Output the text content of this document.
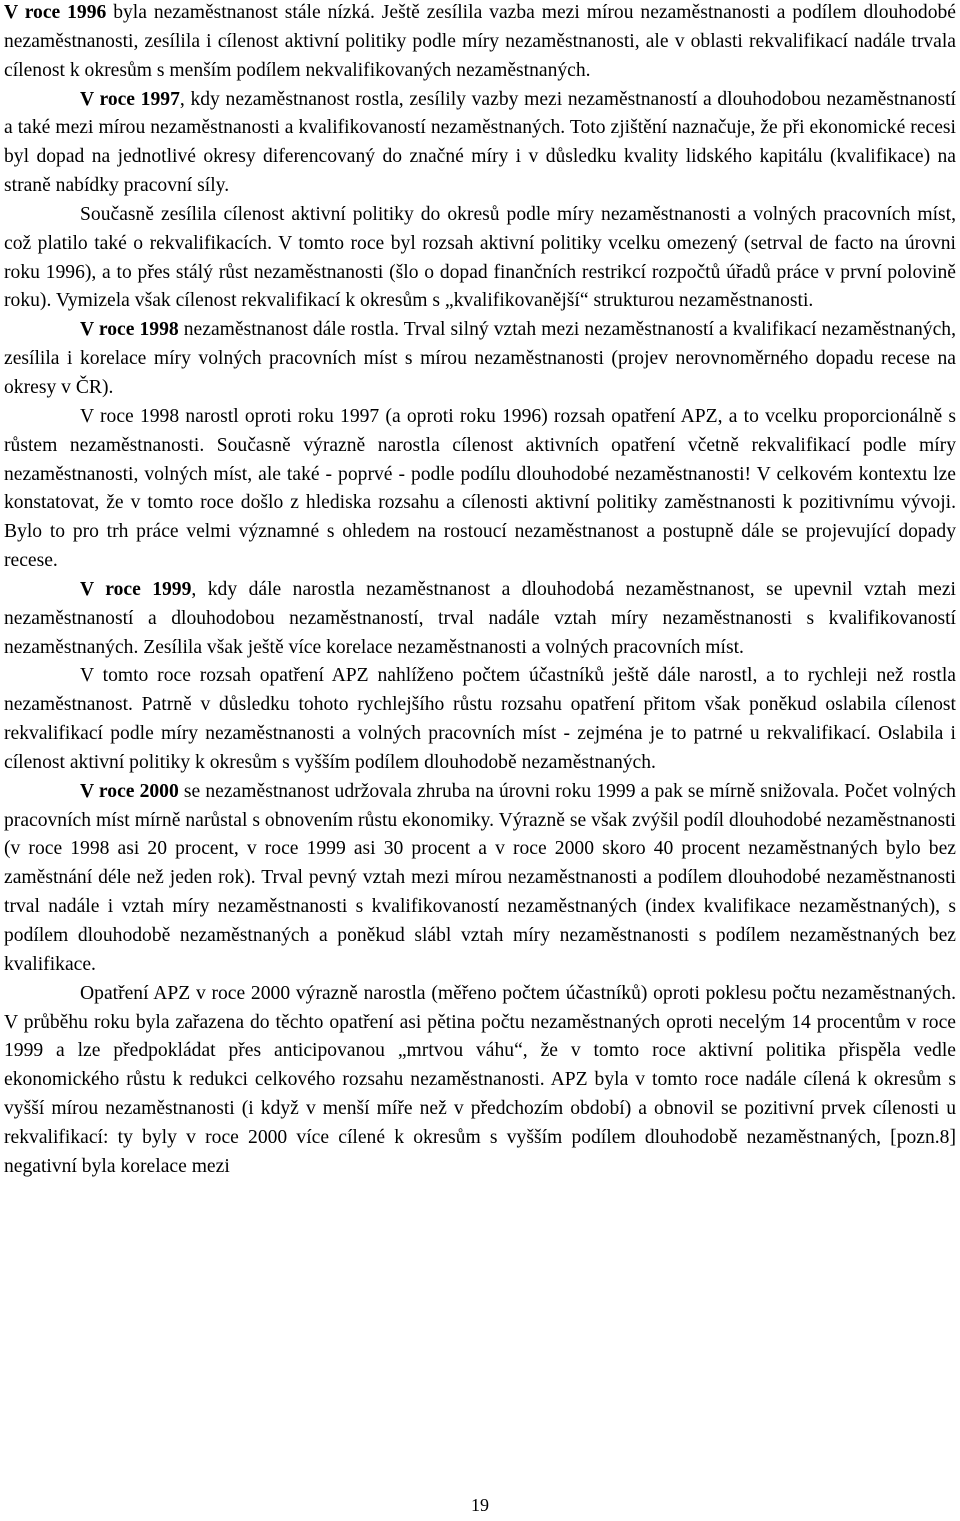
V roce 1996 byla nezaměstnanost stále nízká. Ještě zesílila vazba mezi mírou nezaměstnanosti a podílem dlouhodobé nezaměstnanosti, zesílila i cílenost aktivní politiky podle míry nezaměstnanosti, ale v oblasti rekvalifikací nadále trvala cílenost k okresům s menším podílem nekvalifikovaných nezaměstnaných.

V roce 1997, kdy nezaměstnanost rostla, zesílily vazby mezi nezaměstnaností a dlouhodobou nezaměstnaností a také mezi mírou nezaměstnanosti a kvalifikovaností nezaměstnaných. Toto zjištění naznačuje, že při ekonomické recesi byl dopad na jednotlivé okresy diferencovaný do značné míry i v důsledku kvality lidského kapitálu (kvalifikace) na straně nabídky pracovní síly.

Současně zesílila cílenost aktivní politiky do okresů podle míry nezaměstnanosti a volných pracovních míst, což platilo také o rekvalifikacích. V tomto roce byl rozsah aktivní politiky vcelku omezený (setrval de facto na úrovni roku 1996), a to přes stálý růst nezaměstnanosti (šlo o dopad finančních restrikcí rozpočtů úřadů práce v první polovině roku). Vymizela však cílenost rekvalifikací k okresům s „kvalifikovanější“ strukturou nezaměstnanosti.

V roce 1998 nezaměstnanost dále rostla. Trval silný vztah mezi nezaměstnaností a kvalifikací nezaměstnaných, zesílila i korelace míry volných pracovních míst s mírou nezaměstnanosti (projev nerovnoměrného dopadu recese na okresy v ČR).

V roce 1998 narostl oproti roku 1997 (a oproti roku 1996) rozsah opatření APZ, a to vcelku proporcionálně s růstem nezaměstnanosti. Současně výrazně narostla cílenost aktivních opatření včetně rekvalifikací podle míry nezaměstnanosti, volných míst, ale také - poprvé - podle podílu dlouhodobé nezaměstnanosti! V celkovém kontextu lze konstatovat, že v tomto roce došlo z hlediska rozsahu a cílenosti aktivní politiky zaměstnanosti k pozitivnímu vývoji. Bylo to pro trh práce velmi významné s ohledem na rostoucí nezaměstnanost a postupně dále se projevující dopady recese.

V roce 1999, kdy dále narostla nezaměstnanost a dlouhodobá nezaměstnanost, se upevnil vztah mezi nezaměstnaností a dlouhodobou nezaměstnaností, trval nadále vztah míry nezaměstnanosti s kvalifikovaností nezaměstnaných. Zesílila však ještě více korelace nezaměstnanosti a volných pracovních míst.

V tomto roce rozsah opatření APZ nahlíženo počtem účastníků ještě dále narostl, a to rychleji než rostla nezaměstnanost. Patrně v důsledku tohoto rychlejšího růstu rozsahu opatření přitom však poněkud oslabila cílenost rekvalifikací podle míry nezaměstnanosti a volných pracovních míst - zejména je to patrné u rekvalifikací. Oslabila i cílenost aktivní politiky k okresům s vyšším podílem dlouhodobě nezaměstnaných.

V roce 2000 se nezaměstnanost udržovala zhruba na úrovni roku 1999 a pak se mírně snižovala. Počet volných pracovních míst mírně narůstal s obnovením růstu ekonomiky. Výrazně se však zvýšil podíl dlouhodobé nezaměstnanosti (v roce 1998 asi 20 procent, v roce 1999 asi 30 procent a v roce 2000 skoro 40 procent nezaměstnaných bylo bez zaměstnání déle než jeden rok). Trval pevný vztah mezi mírou nezaměstnanosti a podílem dlouhodobé nezaměstnanosti trval nadále i vztah míry nezaměstnanosti s kvalifikovaností nezaměstnaných (index kvalifikace nezaměstnaných), s podílem dlouhodobě nezaměstnaných a poněkud slábl vztah míry nezaměstnanosti s podílem nezaměstnaných bez kvalifikace.

Opatření APZ v roce 2000 výrazně narostla (měřeno počtem účastníků) oproti poklesu počtu nezaměstnaných. V průběhu roku byla zařazena do těchto opatření asi pětina počtu nezaměstnaných oproti necelým 14 procentům v roce 1999 a lze předpokládat přes anticipovanou „mrtvou váhu“, že v tomto roce aktivní politika přispěla vedle ekonomického růstu k redukci celkového rozsahu nezaměstnanosti. APZ byla v tomto roce nadále cílená k okresům s vyšší mírou nezaměstnanosti (i když v menší míře než v předchozím období) a obnovil se pozitivní prvek cílenosti u rekvalifikací: ty byly v roce 2000 více cílené k okresům s vyšším podílem dlouhodobě nezaměstnaných, [pozn.8] negativní byla korelace mezi

19
